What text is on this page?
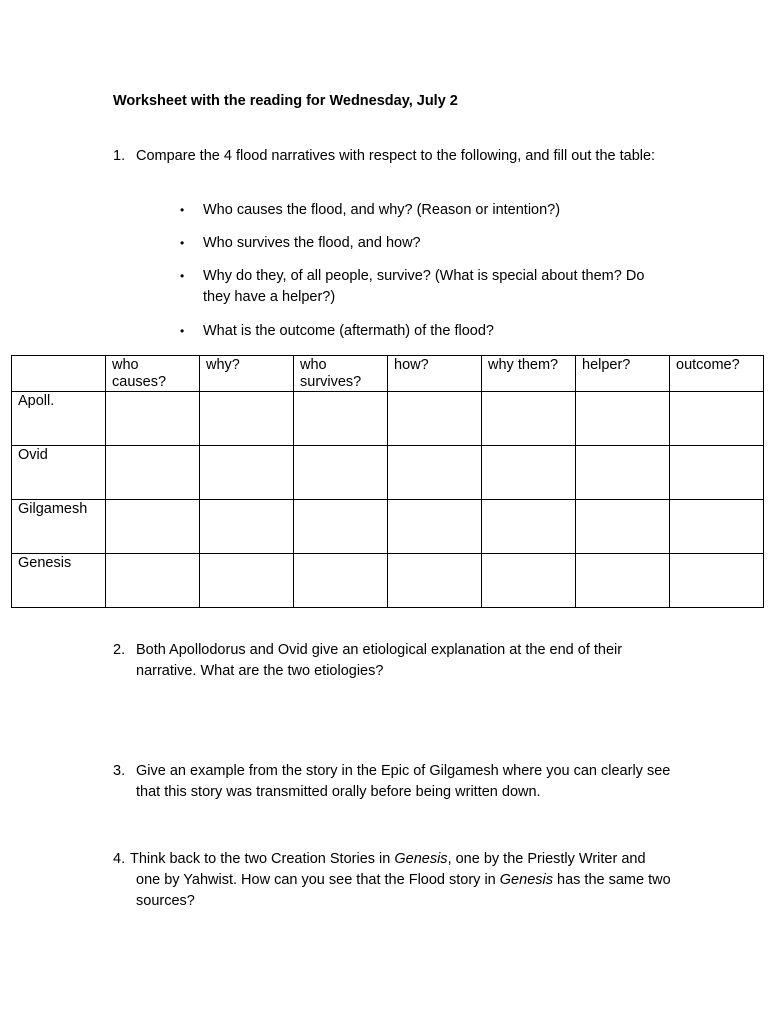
Worksheet with the reading for Wednesday, July 2
1. Compare the 4 flood narratives with respect to the following, and fill out the table:
•	Who causes the flood, and why? (Reason or intention?)
•	Who survives the flood, and how?
•	Why do they, of all people, survive? (What is special about them? Do they have a helper?)
•	What is the outcome (aftermath) of the flood?
	who causes?	why?	who survives?	how?	why them?	helper?	outcome?
Apoll.							
Ovid							
Gilgamesh							
Genesis							
2. Both Apollodorus and Ovid give an etiological explanation at the end of their narrative. What are the two etiologies?
3. Give an example from the story in the Epic of Gilgamesh where you can clearly see that this story was transmitted orally before being written down.
4. Think back to the two Creation Stories in Genesis, one by the Priestly Writer and one by Yahwist. How can you see that the Flood story in Genesis has the same two sources?
